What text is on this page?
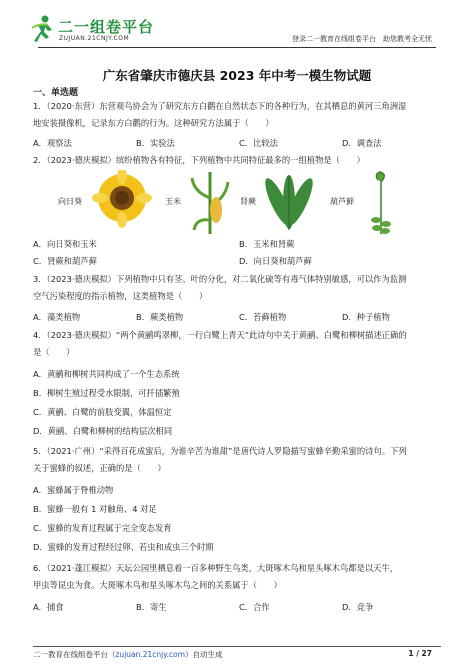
二一组卷平台
ZUJUAN.21CNJY.COM	登录二一教育在线组卷平台　助您教考全无忧
广东省肇庆市德庆县 2023 年中考一模生物试题
一、单选题

1．（2020·东营）东营观鸟协会为了研究东方白鹳在自然状态下的各种行为，在其栖息的黄河三角洲湿

地安装摄像机，记录东方白鹳的行为。这种研究方法属于（　　）

A．观察法	B．实验法	C．比较法	D．调查法

2．（2023·德庆模拟）缤纷植物各有特征，下列植物中共同特征最多的一组植物是（　　）

向日葵	玉米	肾蕨	葫芦藓
A．向日葵和玉米	B．玉米和肾蕨
C．肾蕨和葫芦藓	D．向日葵和葫芦藓

3．（2023·德庆模拟）下列植物中只有茎、叶的分化，对二氧化硫等有毒气体特别敏感，可以作为监测

空气污染程度的指示植物，这类植物是（　　）

A．藻类植物	B．蕨类植物	C．苔藓植物	D．种子植物

4．（2023·德庆模拟）“两个黄鹂鸣翠柳，一行白鹭上青天”此诗句中关于黄鹂、白鹭和柳树描述正确的

是（　　）

A．黄鹂和柳树共同构成了一个生态系统
B．柳树生殖过程受水限制，可扦插繁殖
C．黄鹂、白鹭的前肢变翼，体温恒定
D．黄鹂、白鹭和柳树的结构层次相同

5．（2021·广州）“采得百花成蜜后，为谁辛苦为谁甜”是唐代诗人罗隐描写蜜蜂辛勤采蜜的诗句。下列

关于蜜蜂的叙述，正确的是（　　）

A．蜜蜂属于脊椎动物
B．蜜蜂一般有 1 对触角、4 对足
C．蜜蜂的发育过程属于完全变态发育
D．蜜蜂的发育过程经过卵、若虫和成虫三个时期

6．（2021·蓬江模拟）天坛公园里栖息着一百多种野生鸟类，大斑啄木鸟和星头啄木鸟都是以天牛，

甲虫等昆虫为食。大斑啄木鸟和星头啄木鸟之间的关系属于（　　）

A．捕食	B．寄生	C．合作	D．竞争
二一教育在线组卷平台（zujuan.21cnjy.com）自动生成	1 / 27
